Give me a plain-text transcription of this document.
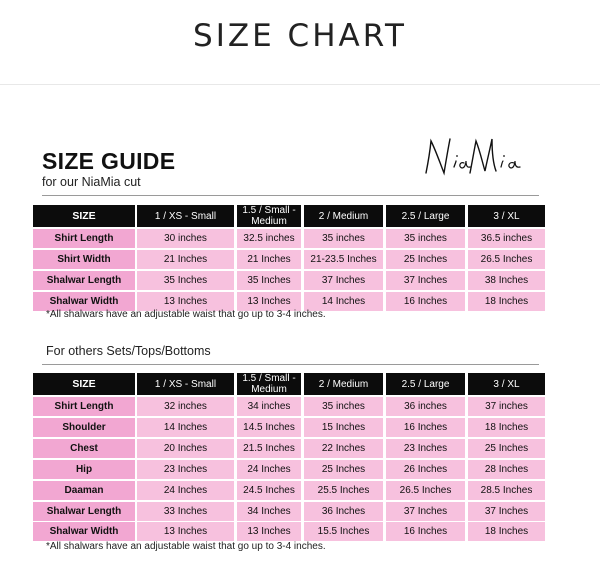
SIZE CHART
SIZE GUIDE
for our NiaMia cut
SIZE	1 / XS - Small	1.5 / Small - Medium	2 / Medium	2.5 / Large	3 / XL
Shirt Length	30 inches	32.5 inches	35 inches	35 inches	36.5 inches
Shirt Width	21 Inches	21 Inches	21-23.5 Inches	25 Inches	26.5 Inches
Shalwar Length	35 Inches	35 Inches	37 Inches	37 Inches	38 Inches
Shalwar Width	13 Inches	13 Inches	14 Inches	16 Inches	18 Inches
*All shalwars have an adjustable waist that go up to 3-4 inches.
For others Sets/Tops/Bottoms
SIZE	1 / XS - Small	1.5 / Small - Medium	2 / Medium	2.5 / Large	3 / XL
Shirt Length	32 inches	34 inches	35 inches	36 inches	37 inches
Shoulder	14 Inches	14.5 Inches	15 Inches	16 Inches	18 Inches
Chest	20 Inches	21.5 Inches	22 Inches	23 Inches	25 Inches
Hip	23 Inches	24 Inches	25 Inches	26 Inches	28 Inches
Daaman	24 Inches	24.5 Inches	25.5 Inches	26.5 Inches	28.5 Inches
Shalwar Length	33 Inches	34 Inches	36 Inches	37 Inches	37 Inches
Shalwar Width	13 Inches	13 Inches	15.5 Inches	16 Inches	18 Inches
*All shalwars have an adjustable waist that go up to 3-4 inches.
